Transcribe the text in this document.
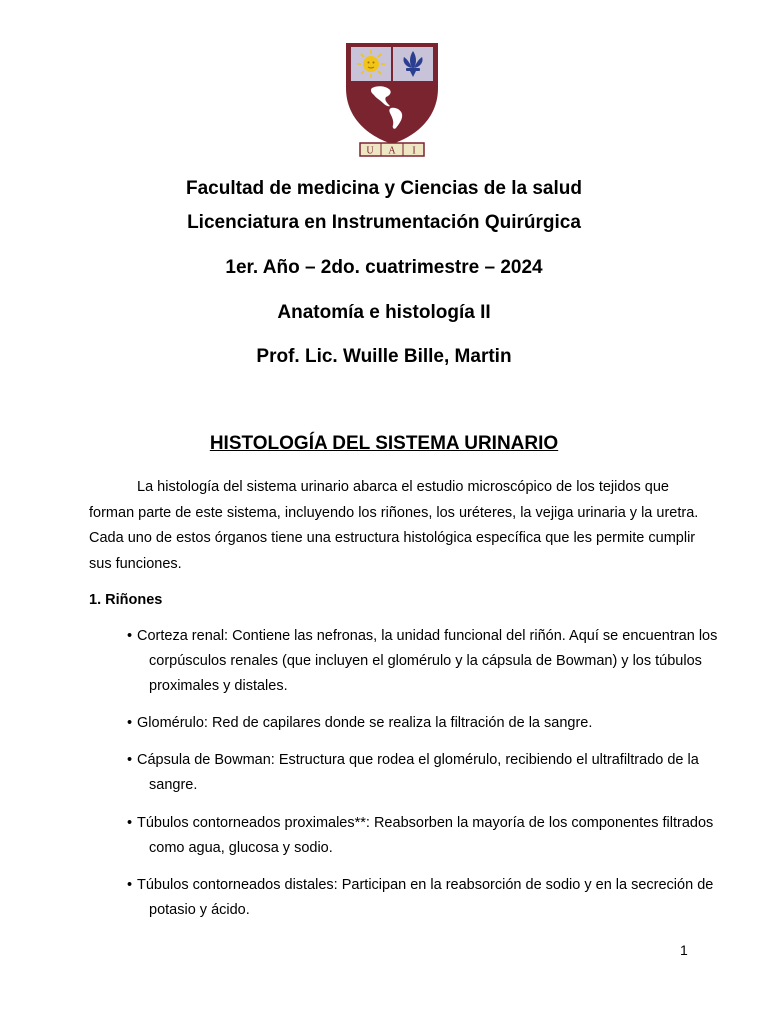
U A I
Facultad de medicina y Ciencias de la salud
Licenciatura en Instrumentación Quirúrgica
1er. Año – 2do. cuatrimestre – 2024
Anatomía e histología II
Prof. Lic. Wuille Bille, Martin
HISTOLOGÍA DEL SISTEMA URINARIO

La histología del sistema urinario abarca el estudio microscópico de los tejidos que forman parte de este sistema, incluyendo los riñones, los uréteres, la vejiga urinaria y la uretra. Cada uno de estos órganos tiene una estructura histológica específica que les permite cumplir sus funciones.

1. Riñones

• Corteza renal: Contiene las nefronas, la unidad funcional del riñón. Aquí se encuentran los corpúsculos renales (que incluyen el glomérulo y la cápsula de Bowman) y los túbulos proximales y distales.

• Glomérulo: Red de capilares donde se realiza la filtración de la sangre.

• Cápsula de Bowman: Estructura que rodea el glomérulo, recibiendo el ultrafiltrado de la sangre.

• Túbulos contorneados proximales**: Reabsorben la mayoría de los componentes filtrados como agua, glucosa y sodio.

• Túbulos contorneados distales: Participan en la reabsorción de sodio y en la secreción de potasio y ácido.

1
